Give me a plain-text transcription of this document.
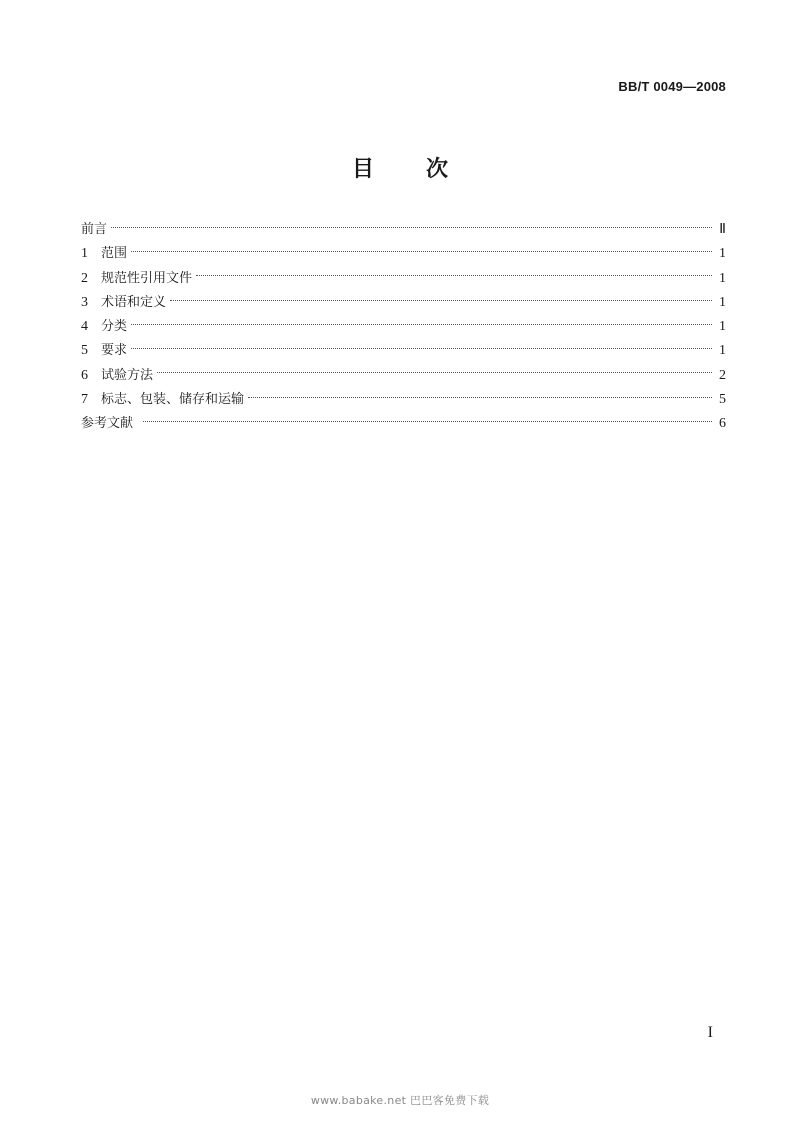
BB/T 0049—2008
目 次
前言	Ⅱ
1	范围	1
2	规范性引用文件	1
3	术语和定义	1
4	分类	1
5	要求	1
6	试验方法	2
7	标志、包装、储存和运输	5
参考文献	6
I
www.babake.net 巴巴客免费下载
